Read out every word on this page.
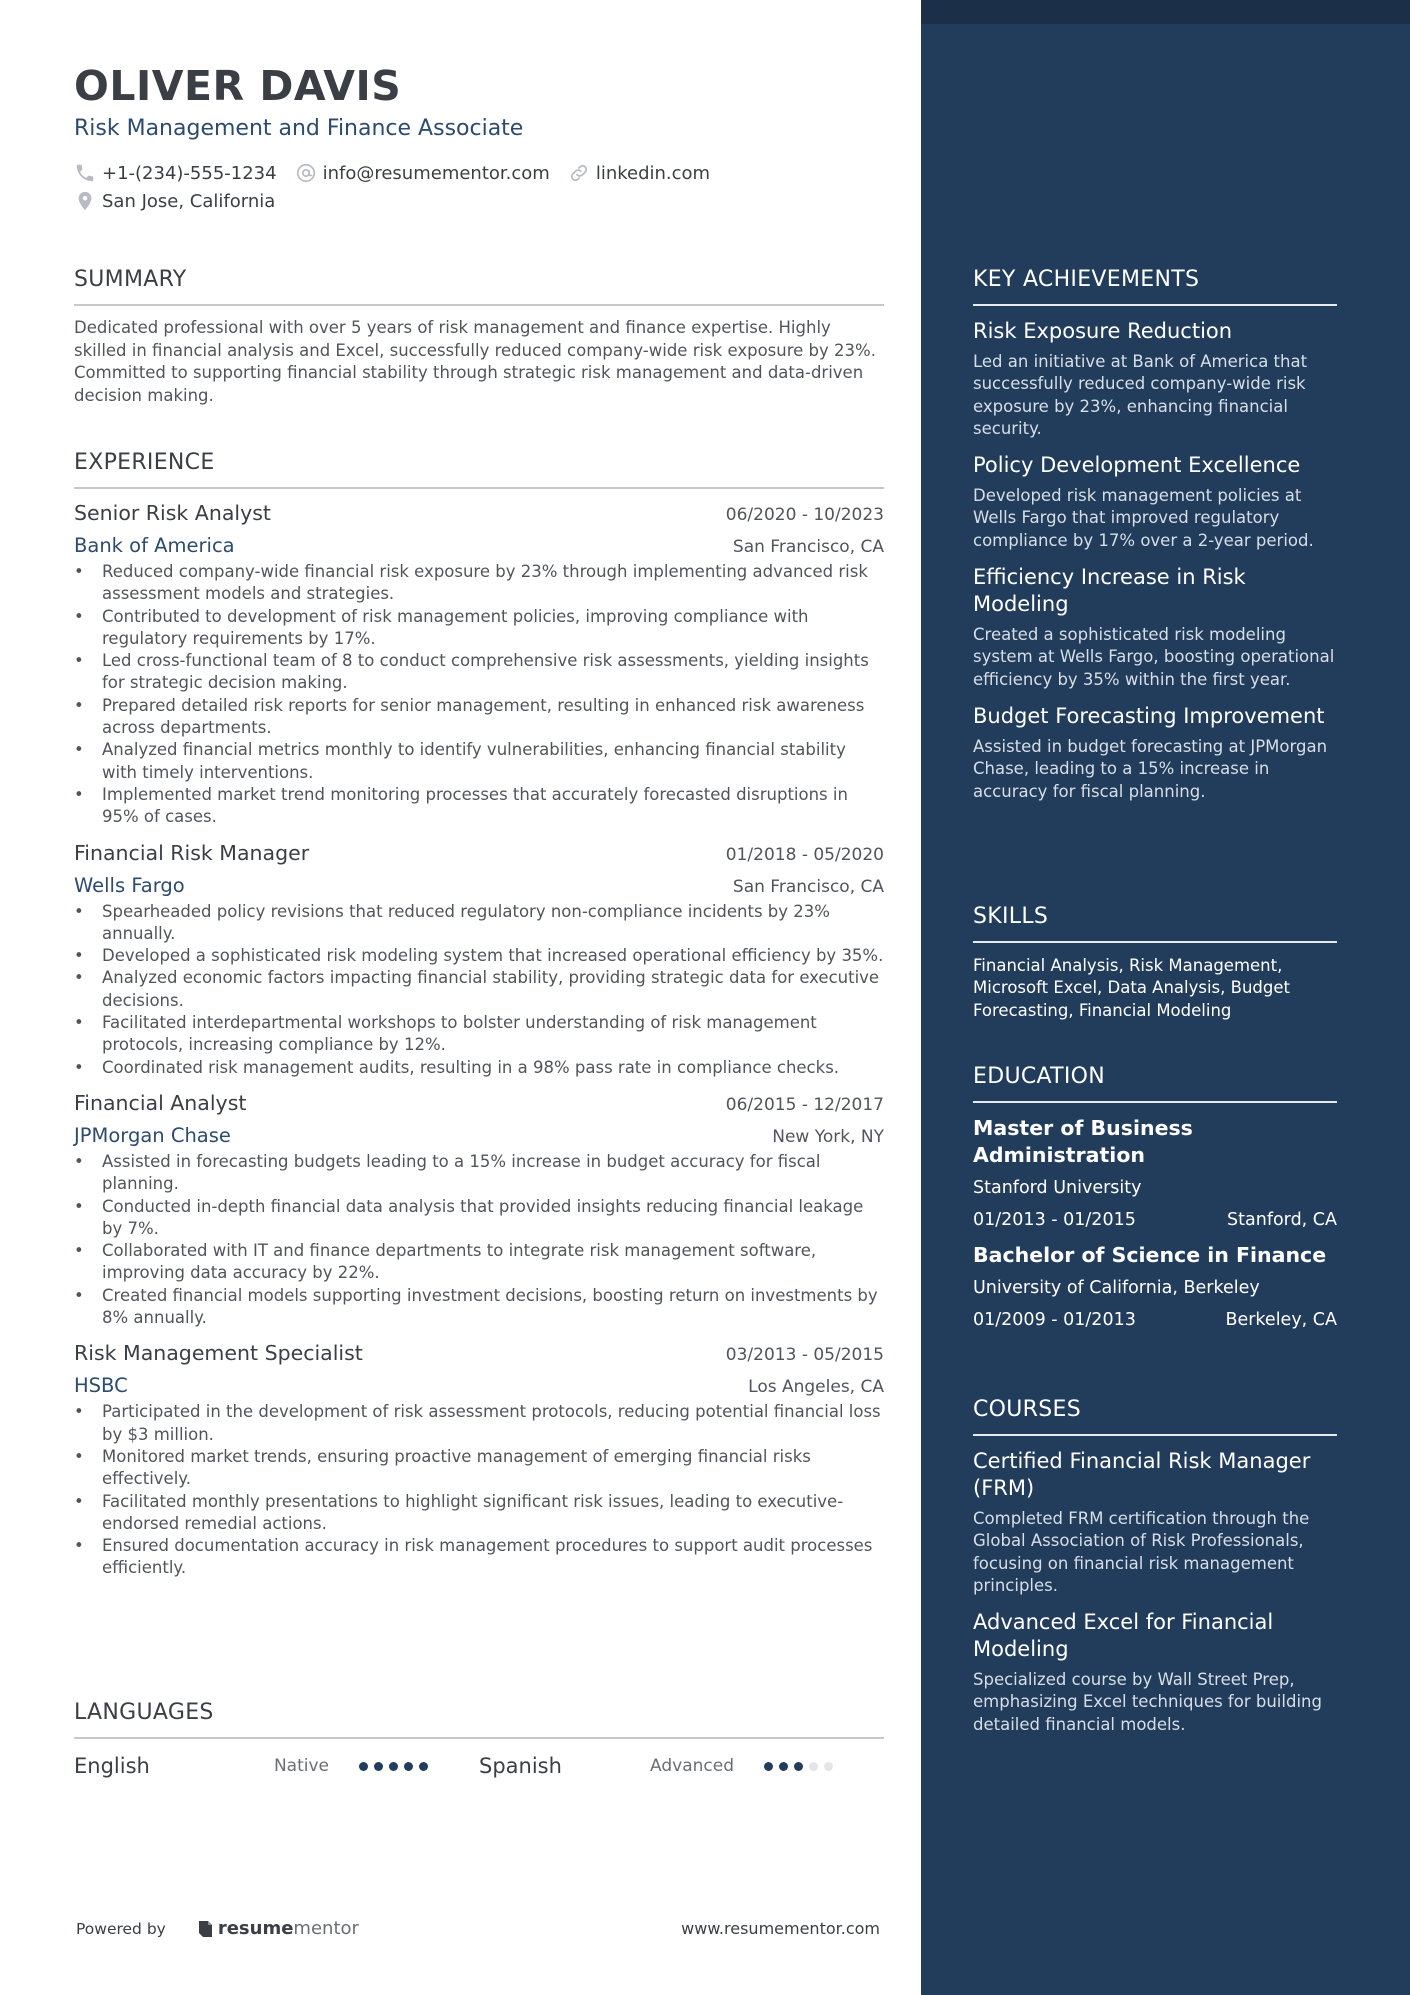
OLIVER DAVIS
Risk Management and Finance Associate
+1-(234)-555-1234	info@resumementor.com	linkedin.com
San Jose, California
SUMMARY

Dedicated professional with over 5 years of risk management and finance expertise. Highly skilled in financial analysis and Excel, successfully reduced company-wide risk exposure by 23%. Committed to supporting financial stability through strategic risk management and data-driven decision making.

EXPERIENCE
Senior Risk Analyst	06/2020 - 10/2023
Bank of America	San Francisco, CA
• Reduced company-wide financial risk exposure by 23% through implementing advanced risk assessment models and strategies.
• Contributed to development of risk management policies, improving compliance with regulatory requirements by 17%.
• Led cross-functional team of 8 to conduct comprehensive risk assessments, yielding insights for strategic decision making.
• Prepared detailed risk reports for senior management, resulting in enhanced risk awareness across departments.
• Analyzed financial metrics monthly to identify vulnerabilities, enhancing financial stability with timely interventions.
• Implemented market trend monitoring processes that accurately forecasted disruptions in 95% of cases.
Financial Risk Manager	01/2018 - 05/2020
Wells Fargo	San Francisco, CA
• Spearheaded policy revisions that reduced regulatory non-compliance incidents by 23% annually.
• Developed a sophisticated risk modeling system that increased operational efficiency by 35%.
• Analyzed economic factors impacting financial stability, providing strategic data for executive decisions.
• Facilitated interdepartmental workshops to bolster understanding of risk management protocols, increasing compliance by 12%.
• Coordinated risk management audits, resulting in a 98% pass rate in compliance checks.
Financial Analyst	06/2015 - 12/2017
JPMorgan Chase	New York, NY
• Assisted in forecasting budgets leading to a 15% increase in budget accuracy for fiscal planning.
• Conducted in-depth financial data analysis that provided insights reducing financial leakage by 7%.
• Collaborated with IT and finance departments to integrate risk management software, improving data accuracy by 22%.
• Created financial models supporting investment decisions, boosting return on investments by 8% annually.
Risk Management Specialist	03/2013 - 05/2015
HSBC	Los Angeles, CA
• Participated in the development of risk assessment protocols, reducing potential financial loss by $3 million.
• Monitored market trends, ensuring proactive management of emerging financial risks effectively.
• Facilitated monthly presentations to highlight significant risk issues, leading to executive-endorsed remedial actions.
• Ensured documentation accuracy in risk management procedures to support audit processes efficiently.
LANGUAGES
English	Native	Spanish	Advanced
Powered by	resume mentor	www.resumementor.com
KEY ACHIEVEMENTS
Risk Exposure Reduction
Led an initiative at Bank of America that successfully reduced company-wide risk exposure by 23%, enhancing financial security.
Policy Development Excellence
Developed risk management policies at Wells Fargo that improved regulatory compliance by 17% over a 2-year period.
Efficiency Increase in Risk Modeling
Created a sophisticated risk modeling system at Wells Fargo, boosting operational efficiency by 35% within the first year.
Budget Forecasting Improvement
Assisted in budget forecasting at JPMorgan Chase, leading to a 15% increase in accuracy for fiscal planning.
SKILLS
Financial Analysis, Risk Management, Microsoft Excel, Data Analysis, Budget Forecasting, Financial Modeling
EDUCATION
Master of Business Administration
Stanford University
01/2013 - 01/2015	Stanford, CA
Bachelor of Science in Finance
University of California, Berkeley
01/2009 - 01/2013	Berkeley, CA
COURSES
Certified Financial Risk Manager (FRM)
Completed FRM certification through the Global Association of Risk Professionals, focusing on financial risk management principles.
Advanced Excel for Financial Modeling
Specialized course by Wall Street Prep, emphasizing Excel techniques for building detailed financial models.
